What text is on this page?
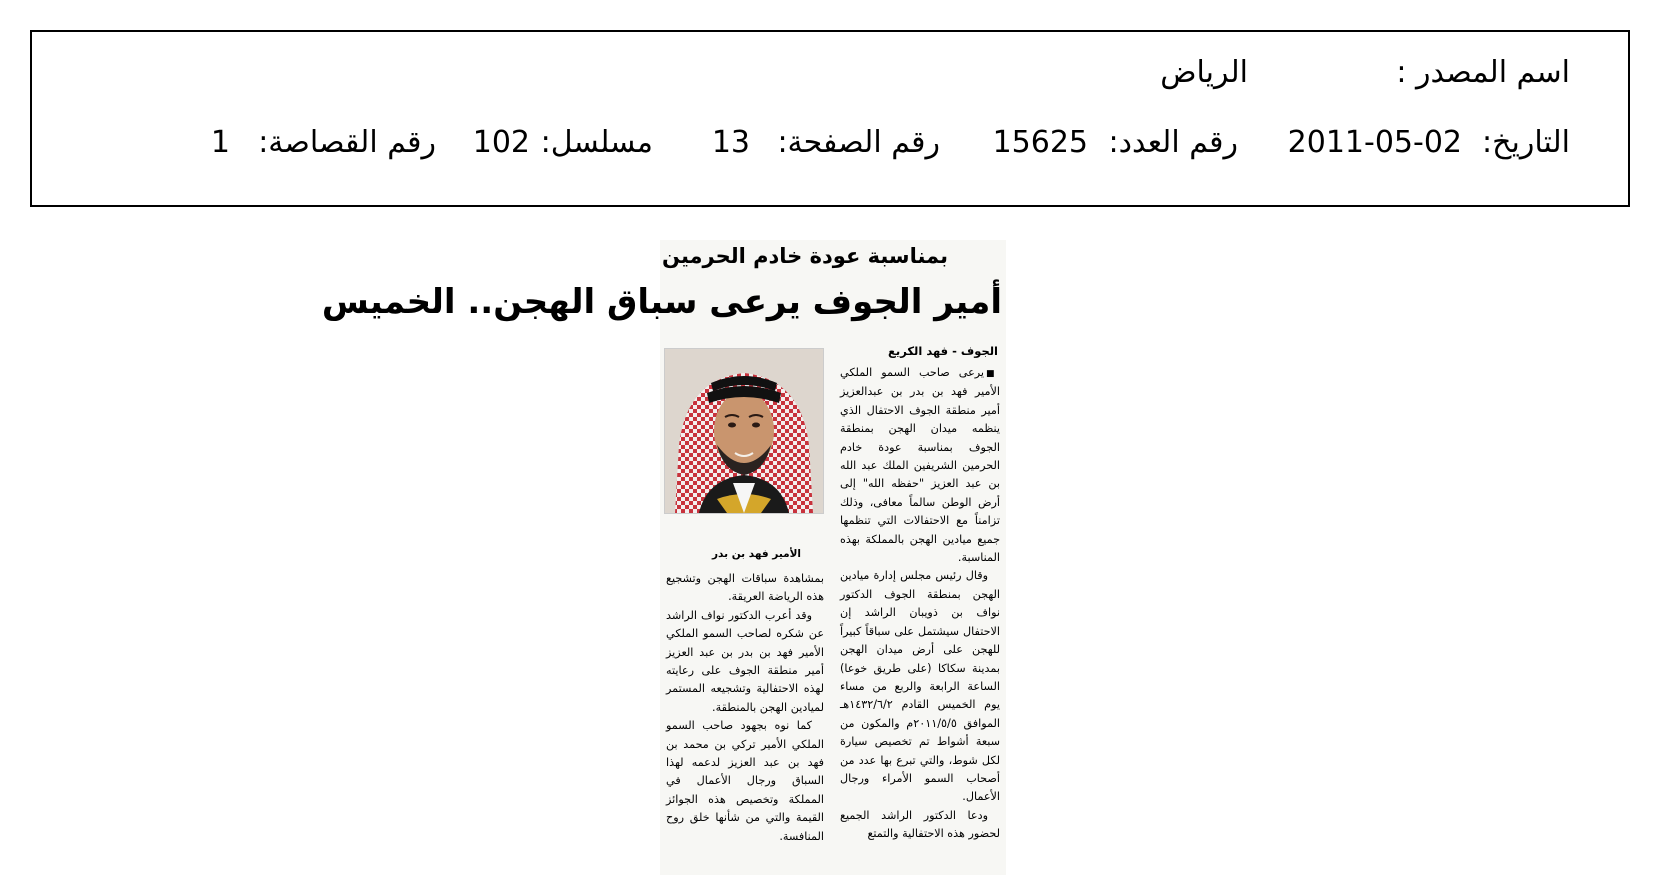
اسم المصدر :
الرياض
التاريخ:
2011-05-02
رقم العدد:
15625
رقم الصفحة:
13
مسلسل:
102
رقم القصاصة:
1
بمناسبة عودة خادم الحرمين
أمير الجوف يرعى سباق الهجن.. الخميس
الجوف - فهد الكريع
■يرعى صاحب السمو الملكي الأمير فهد بن بدر بن عبدالعزيز أمير منطقة الجوف الاحتفال الذي ينظمه ميدان الهجن بمنطقة الجوف بمناسبة عودة خادم الحرمين الشريفين الملك عبد الله بن عبد العزيز "حفظه الله" إلى أرض الوطن سالماً معافى، وذلك تزامناً مع الاحتفالات التي تنظمها جميع ميادين الهجن بالمملكة بهذه المناسبة.
وقال رئيس مجلس إدارة ميادين الهجن بمنطقة الجوف الدكتور نواف بن ذويبان الراشد إن الاحتفال سيشتمل على سباقاً كبيراً للهجن على أرض ميدان الهجن بمدينة سكاكا (على طريق خوعا) الساعة الرابعة والربع من مساء يوم الخميس القادم ١٤٣٢/٦/٢هـ الموافق ٢٠١١/٥/٥م والمكون من سبعة أشواط تم تخصيص سيارة لكل شوط، والتي تبرع بها عدد من أصحاب السمو الأمراء ورجال الأعمال.
ودعا الدكتور الراشد الجميع لحضور هذه الاحتفالية والتمتع
الأمير فهد بن بدر
بمشاهدة سباقات الهجن وتشجيع هذه الرياضة العريقة.
وقد أعرب الدكتور نواف الراشد عن شكره لصاحب السمو الملكي الأمير فهد بن بدر بن عبد العزيز أمير منطقة الجوف على رعايته لهذه الاحتفالية وتشجيعه المستمر لميادين الهجن بالمنطقة.
كما نوه بجهود صاحب السمو الملكي الأمير تركي بن محمد بن فهد بن عبد العزيز لدعمه لهذا السباق ورجال الأعمال في المملكة وتخصيص هذه الجوائز القيمة والتي من شأنها خلق روح المنافسة.
